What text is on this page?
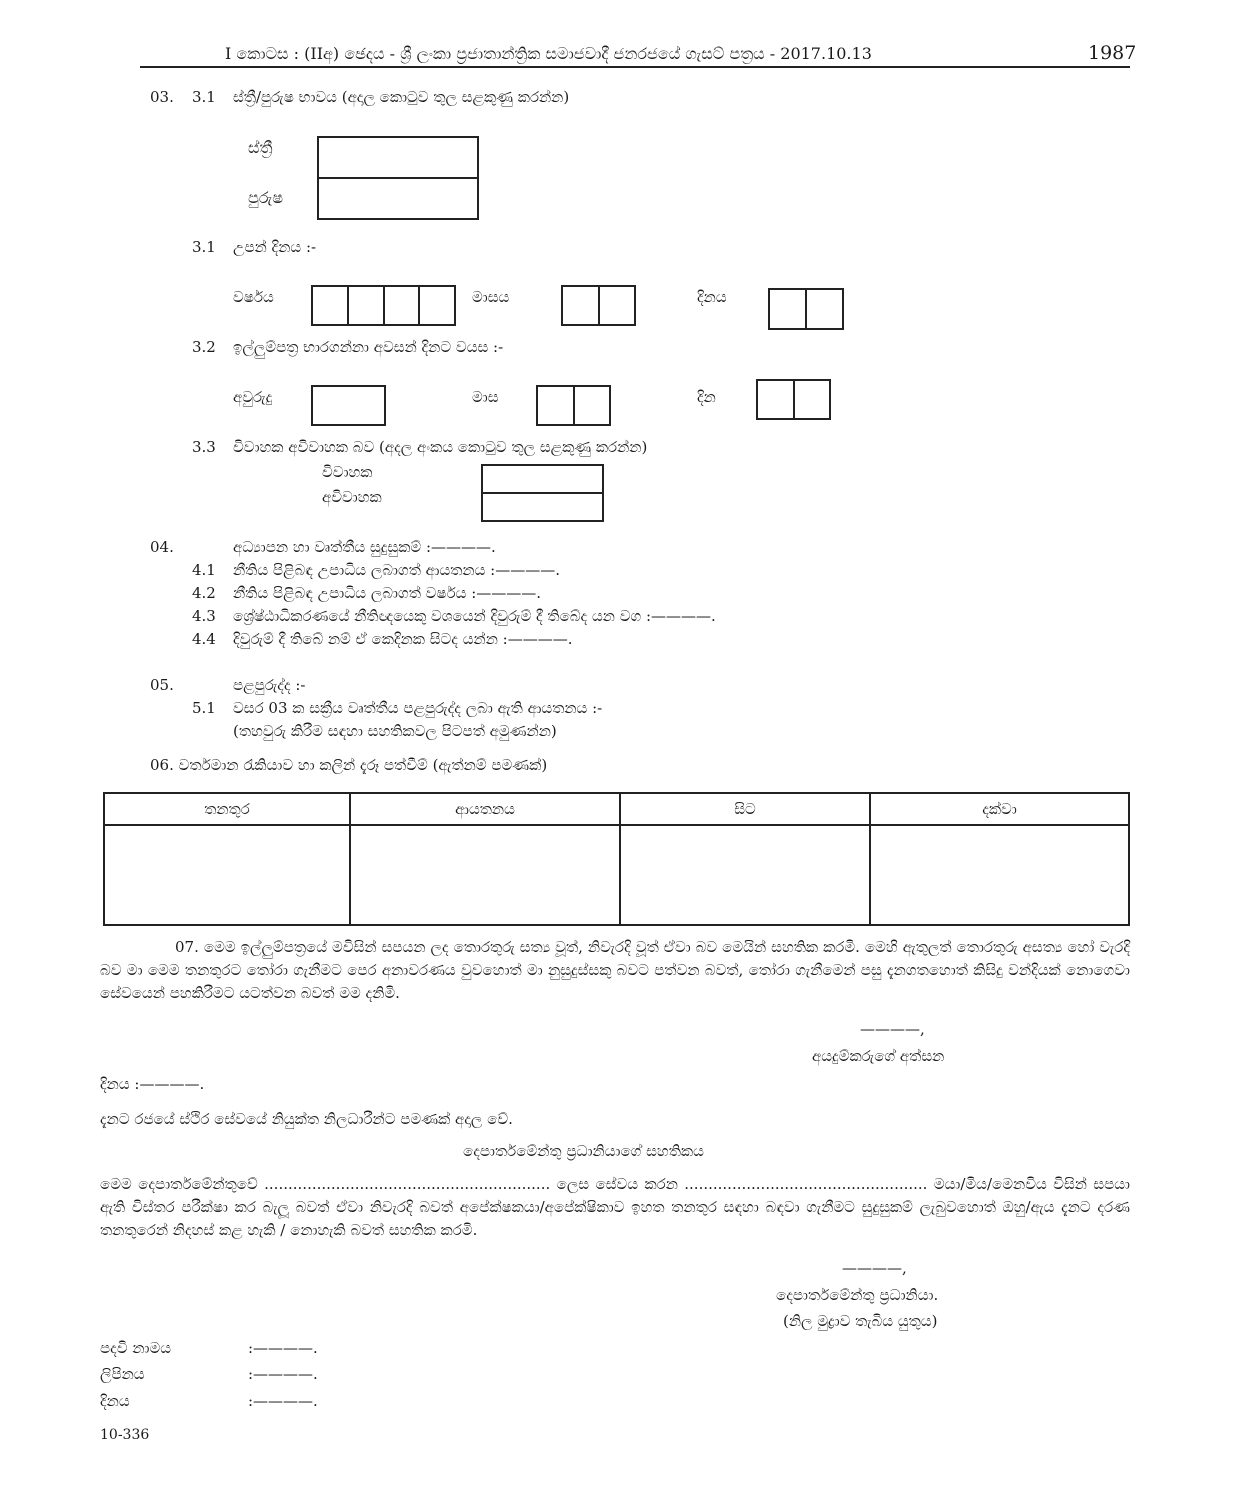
I කොටස : (IIඅ) ඡෙදය - ශ්‍රී ලංකා ප්‍රජාතාන්ත්‍රික සමාජවාදී ජනරජයේ ගැසට් පත්‍රය - 2017.10.13	1987
03. 3.1 ස්ත්‍රී/පුරුෂ භාවය (අදාල කොටුව තුල සළකුණු කරන්න)
ස්ත්‍රී
පුරුෂ
3.1 උපන් දිනය :-
වර්ෂය	මාසය	දිනය
3.2 ඉල්ලුම්පත්‍ර භාරගන්නා අවසන් දිනට වයස :-
අවුරුදු	මාස	දින
3.3 විවාහක අවිවාහක බව (අදල අංකය කොටුව තුල සළකුණු කරන්න)
විවාහක
අවිවාහක
04.	අධ්‍යාපන හා වෘත්තීය සුදුසුකම් :————.
4.1 නීතිය පිළිබඳ උපාධිය ලබාගත් ආයතනය :————.
4.2 නීතිය පිළිබඳ උපාධිය ලබාගත් වර්ෂය :————.
4.3 ශ්‍රේෂ්ඨාධිකරණයේ නීතිඥයෙකු වශයෙන් දිවුරුම් දී තිබේද යන වග :————.
4.4 දිවුරුම් දී තිබේ නම් ඒ කෙදිනක සිටද යන්න :————.
05.	පළපුරුද්ද :-
5.1 වසර 03 ක සක්‍රීය වෘත්තීය පළපුරුද්ද ලබා ඇති ආයතනය :-
(තහවුරු කිරීම සඳහා සහතිකවල පිටපත් අමුණන්න)
06. වර්තමාන රැකියාව හා කලින් දැරූ පත්වීම් (ඇත්නම් පමණක්)
තනතුර	ආයතනය	සිට	දක්වා

07. මෙම ඉල්ලුම්පත්‍රයේ මවිසින් සපයන ලද තොරතුරු සත්‍ය වූත්, නිවැරදි වූත් ඒවා බව මෙයින් සහතික කරමි. මෙහි ඇතුලත් තොරතුරු අසත්‍ය හෝ වැරදි බව මා මෙම තනතුරට තෝරා ගැනීමට පෙර අනාවරණය වුවහොත් මා නුසුදුස්සකු බවට පත්වන බවත්, තෝරා ගැනීමෙන් පසු දැනගතහොත් කිසිදු වන්දියක් නොගෙවා සේවයෙන් පහකිරීමට යටත්වන බවත් මම දනිමි.

————,
අයදුම්කරුගේ අත්සන
දිනය :————.
දැනට රජයේ ස්ථිර සේවයේ නියුක්ත නිලධාරීන්ට පමණක් අදාල වේ.
දෙපාර්තමේන්තු ප්‍රධානියාගේ සහතිකය

මෙම දෙපාර්තමේන්තුවේ ............................................................ ලෙස සේවය කරන ................................................... මයා/මිය/මෙනවිය විසින් සපයා ඇති විස්තර පරීක්ෂා කර බැලූ බවත් ඒවා නිවැරදි බවත් අපේක්ෂකයා/අපේක්ෂිකාව ඉහත තනතුර සඳහා බඳවා ගැනීමට සුදුසුකම් ලැබුවහොත් ඔහු/ඇය දැනට දරණ තනතුරෙන් නිදහස් කළ හැකි / නොහැකි බවත් සහතික කරමි.

————,
දෙපාර්තමේන්තු ප්‍රධානියා.
(නිල මුද්‍රාව තැබිය යුතුය)
පදවි නාමය	:————.
ලිපිනය	:————.
දිනය	:————.
10-336
